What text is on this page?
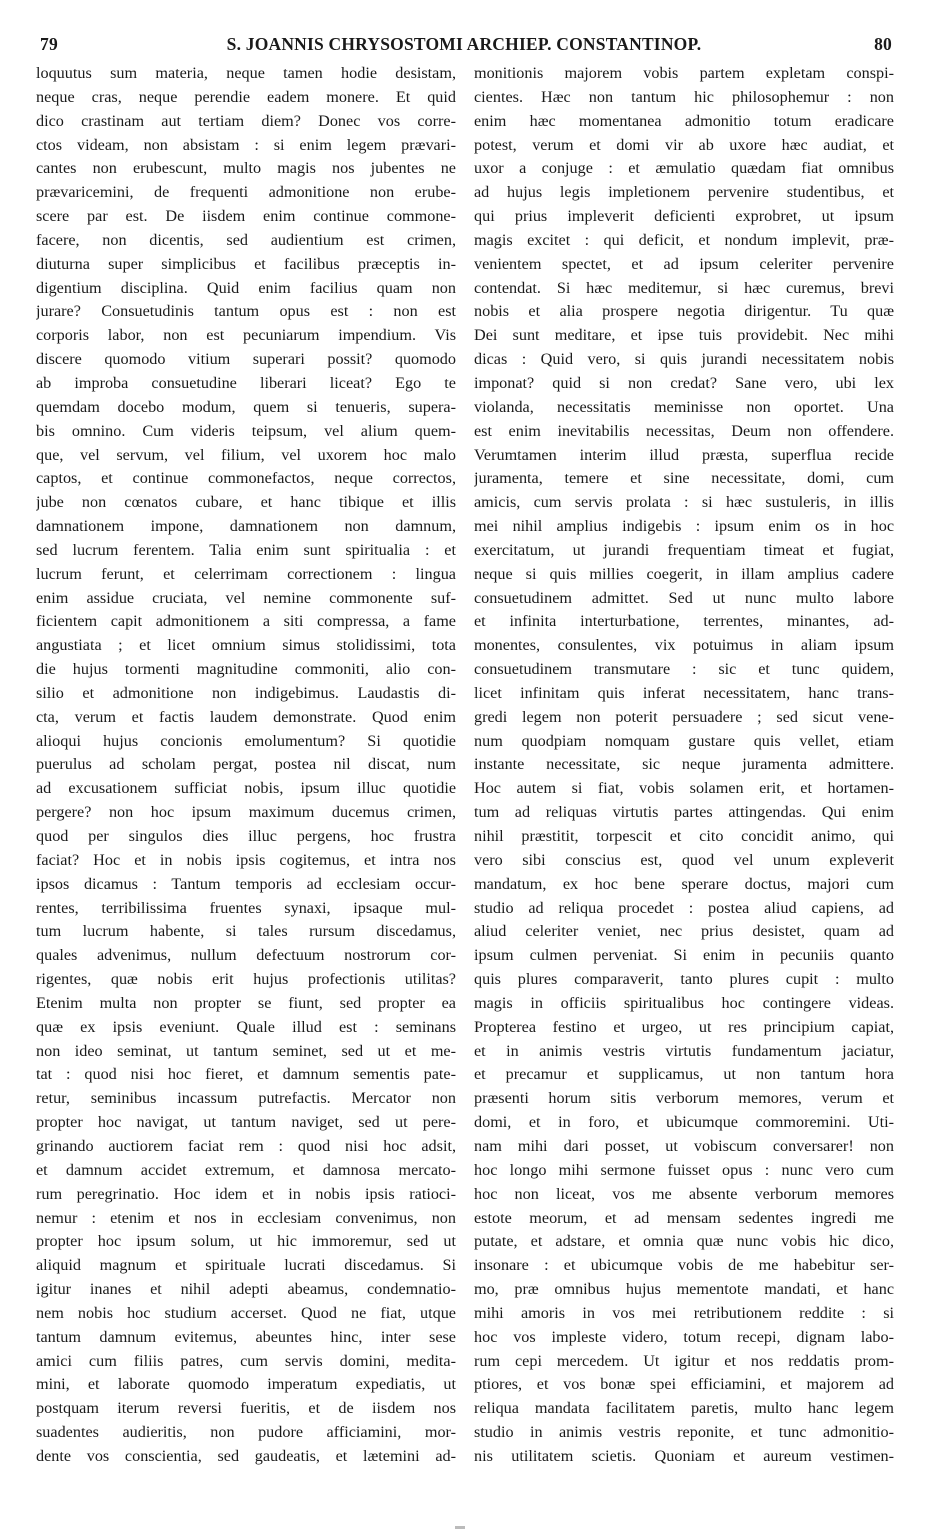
79	S. JOANNIS CHRYSOSTOMI ARCHIEP. CONSTANTINOP.	80
loquutus sum materia, neque tamen hodie desistam,
neque cras, neque perendie eadem monere. Et quid
dico crastinam aut tertiam diem? Donec vos corre-
ctos videam, non absistam : si enim legem prævari-
cantes non erubescunt, multo magis nos jubentes ne
prævaricemini, de frequenti admonitione non erube-
scere par est. De iisdem enim continue commone-
facere, non dicentis, sed audientium est crimen,
diuturna super simplicibus et facilibus præceptis in-
digentium disciplina. Quid enim facilius quam non
jurare? Consuetudinis tantum opus est : non est
corporis labor, non est pecuniarum impendium. Vis
discere quomodo vitium superari possit? quomodo
ab improba consuetudine liberari liceat? Ego te
quemdam docebo modum, quem si tenueris, supera-
bis omnino. Cum videris teipsum, vel alium quem-
que, vel servum, vel filium, vel uxorem hoc malo
captos, et continue commonefactos, neque correctos,
jube non cœnatos cubare, et hanc tibique et illis
damnationem impone, damnationem non damnum,
sed lucrum ferentem. Talia enim sunt spiritualia : et
lucrum ferunt, et celerrimam correctionem : lingua
enim assidue cruciata, vel nemine commonente suf-
ficientem capit admonitionem a siti compressa, a fame
angustiata ; et licet omnium simus stolidissimi, tota
die hujus tormenti magnitudine commoniti, alio con-
silio et admonitione non indigebimus. Laudastis di-
cta, verum et factis laudem demonstrate. Quod enim
alioqui hujus concionis emolumentum? Si quotidie
puerulus ad scholam pergat, postea nil discat, num
ad excusationem sufficiat nobis, ipsum illuc quotidie
pergere? non hoc ipsum maximum ducemus crimen,
quod per singulos dies illuc pergens, hoc frustra
faciat? Hoc et in nobis ipsis cogitemus, et intra nos
ipsos dicamus : Tantum temporis ad ecclesiam occur-
rentes, terribilissima fruentes synaxi, ipsaque mul-
tum lucrum habente, si tales rursum discedamus,
quales advenimus, nullum defectuum nostrorum cor-
rigentes, quæ nobis erit hujus profectionis utilitas?
Etenim multa non propter se fiunt, sed propter ea
quæ ex ipsis eveniunt. Quale illud est : seminans
non ideo seminat, ut tantum seminet, sed ut et me-
tat : quod nisi hoc fieret, et damnum sementis pate-
retur, seminibus incassum putrefactis. Mercator non
propter hoc navigat, ut tantum naviget, sed ut pere-
grinando auctiorem faciat rem : quod nisi hoc adsit,
et damnum accidet extremum, et damnosa mercato-
rum peregrinatio. Hoc idem et in nobis ipsis ratioci-
nemur : etenim et nos in ecclesiam convenimus, non
propter hoc ipsum solum, ut hic immoremur, sed ut
aliquid magnum et spirituale lucrati discedamus. Si
igitur inanes et nihil adepti abeamus, condemnatio-
nem nobis hoc studium accerset. Quod ne fiat, utque
tantum damnum evitemus, abeuntes hinc, inter sese
amici cum filiis patres, cum servis domini, medita-
mini, et laborate quomodo imperatum expediatis, ut
postquam iterum reversi fueritis, et de iisdem nos
suadentes audieritis, non pudore afficiamini, mor-
dente vos conscientia, sed gaudeatis, et lætemini ad-
monitionis majorem vobis partem expletam conspi-
cientes. Hæc non tantum hic philosophemur : non
enim hæc momentanea admonitio totum eradicare
potest, verum et domi vir ab uxore hæc audiat, et
uxor a conjuge : et æmulatio quædam fiat omnibus
ad hujus legis impletionem pervenire studentibus, et
qui prius impleverit deficienti exprobret, ut ipsum
magis excitet : qui deficit, et nondum implevit, præ-
venientem spectet, et ad ipsum celeriter pervenire
contendat. Si hæc meditemur, si hæc curemus, brevi
nobis et alia prospere negotia dirigentur. Tu quæ
Dei sunt meditare, et ipse tuis providebit. Nec mihi
dicas : Quid vero, si quis jurandi necessitatem nobis
imponat? quid si non credat? Sane vero, ubi lex
violanda, necessitatis meminisse non oportet. Una
est enim inevitabilis necessitas, Deum non offendere.
Verumtamen interim illud præsta, superflua recide
juramenta, temere et sine necessitate, domi, cum
amicis, cum servis prolata : si hæc sustuleris, in illis
mei nihil amplius indigebis : ipsum enim os in hoc
exercitatum, ut jurandi frequentiam timeat et fugiat,
neque si quis millies coegerit, in illam amplius cadere
consuetudinem admittet. Sed ut nunc multo labore
et infinita interturbatione, terrentes, minantes, ad-
monentes, consulentes, vix potuimus in aliam ipsum
consuetudinem transmutare : sic et tunc quidem,
licet infinitam quis inferat necessitatem, hanc trans-
gredi legem non poterit persuadere ; sed sicut vene-
num quodpiam nomquam gustare quis vellet, etiam
instante necessitate, sic neque juramenta admittere.
Hoc autem si fiat, vobis solamen erit, et hortamen-
tum ad reliquas virtutis partes attingendas. Qui enim
nihil præstitit, torpescit et cito concidit animo, qui
vero sibi conscius est, quod vel unum expleverit
mandatum, ex hoc bene sperare doctus, majori cum
studio ad reliqua procedet : postea aliud capiens, ad
aliud celeriter veniet, nec prius desistet, quam ad
ipsum culmen perveniat. Si enim in pecuniis quanto
quis plures comparaverit, tanto plures cupit : multo
magis in officiis spiritualibus hoc contingere videas.
Propterea festino et urgeo, ut res principium capiat,
et in animis vestris virtutis fundamentum jaciatur,
et precamur et supplicamus, ut non tantum hora
præsenti horum sitis verborum memores, verum et
domi, et in foro, et ubicumque commoremini. Uti-
nam mihi dari posset, ut vobiscum conversarer! non
hoc longo mihi sermone fuisset opus : nunc vero cum
hoc non liceat, vos me absente verborum memores
estote meorum, et ad mensam sedentes ingredi me
putate, et adstare, et omnia quæ nunc vobis hic dico,
insonare : et ubicumque vobis de me habebitur ser-
mo, præ omnibus hujus mementote mandati, et hanc
mihi amoris in vos mei retributionem reddite : si
hoc vos impleste videro, totum recepi, dignam labo-
rum cepi mercedem. Ut igitur et nos reddatis prom-
ptiores, et vos bonæ spei efficiamini, et majorem ad
reliqua mandata facilitatem paretis, multo hanc legem
studio in animis vestris reponite, et tunc admonitio-
nis utilitatem scietis. Quoniam et aureum vestimen-
